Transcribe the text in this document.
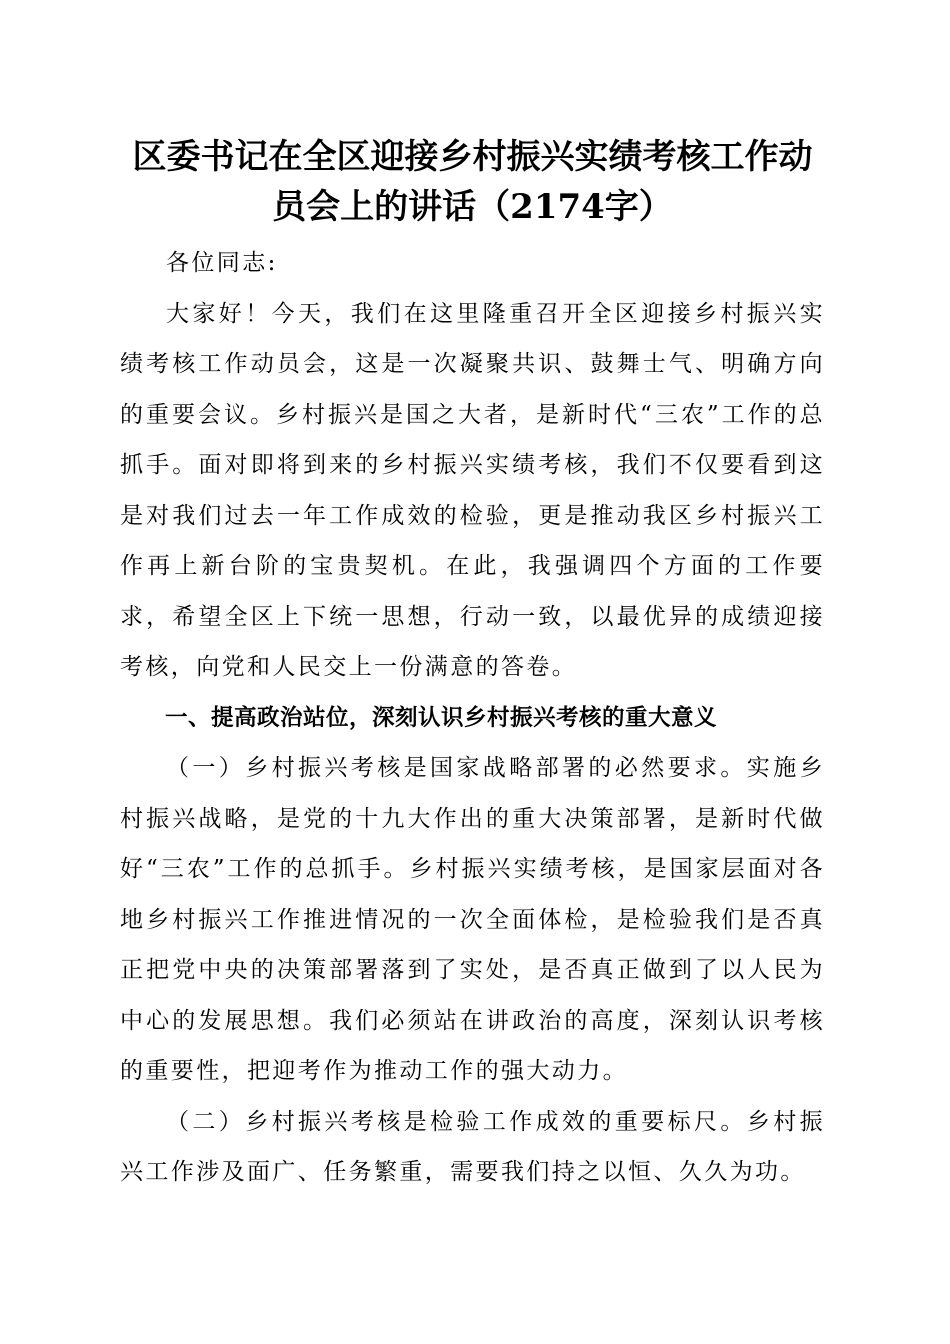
区委书记在全区迎接乡村振兴实绩考核工作动
员会上的讲话（2174字）

各位同志:

大家好！今天，我们在这里隆重召开全区迎接乡村振兴实绩考核工作动员会，这是一次凝聚共识、鼓舞士气、明确方向的重要会议。乡村振兴是国之大者，是新时代“三农”工作的总抓手。面对即将到来的乡村振兴实绩考核，我们不仅要看到这是对我们过去一年工作成效的检验，更是推动我区乡村振兴工作再上新台阶的宝贵契机。在此，我强调四个方面的工作要求，希望全区上下统一思想，行动一致，以最优异的成绩迎接考核，向党和人民交上一份满意的答卷。

一、提高政治站位，深刻认识乡村振兴考核的重大意义

（一）乡村振兴考核是国家战略部署的必然要求。实施乡村振兴战略，是党的十九大作出的重大决策部署，是新时代做好“三农”工作的总抓手。乡村振兴实绩考核，是国家层面对各地乡村振兴工作推进情况的一次全面体检，是检验我们是否真正把党中央的决策部署落到了实处，是否真正做到了以人民为中心的发展思想。我们必须站在讲政治的高度，深刻认识考核的重要性，把迎考作为推动工作的强大动力。

（二）乡村振兴考核是检验工作成效的重要标尺。乡村振兴工作涉及面广、任务繁重，需要我们持之以恒、久久为功。
